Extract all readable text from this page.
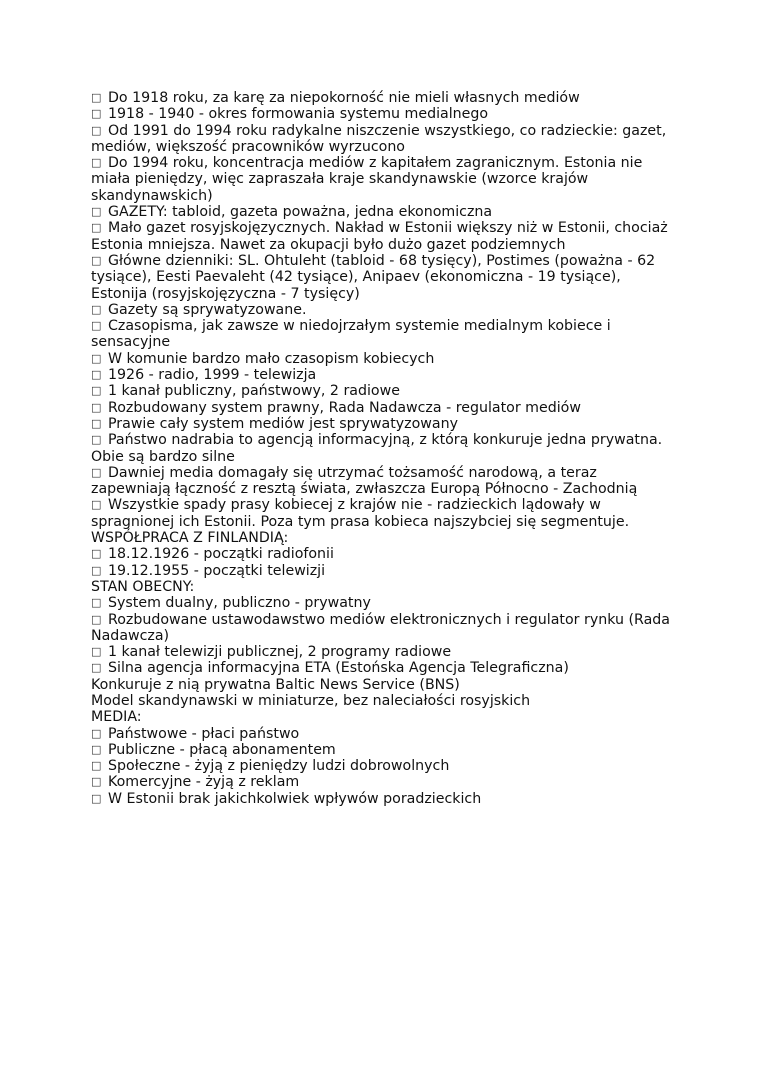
□ Do 1918 roku, za karę za niepokorność nie mieli własnych mediów

□ 1918 - 1940 - okres formowania systemu medialnego

□ Od 1991 do 1994 roku radykalne niszczenie wszystkiego, co radzieckie: gazet, mediów, większość pracowników wyrzucono

□ Do 1994 roku, koncentracja mediów z kapitałem zagranicznym. Estonia nie miała pieniędzy, więc zapraszała kraje skandynawskie (wzorce krajów skandynawskich)

□ GAZETY: tabloid, gazeta poważna, jedna ekonomiczna

□ Mało gazet rosyjskojęzycznych. Nakład w Estonii większy niż w Estonii, chociaż Estonia mniejsza. Nawet za okupacji było dużo gazet podziemnych

□ Główne dzienniki: SL. Ohtuleht (tabloid - 68 tysięcy), Postimes (poważna - 62 tysiące), Eesti Paevaleht (42 tysiące), Anipaev (ekonomiczna - 19 tysiące), Estonija (rosyjskojęzyczna - 7 tysięcy)

□ Gazety są sprywatyzowane.

□ Czasopisma, jak zawsze w niedojrzałym systemie medialnym kobiece i sensacyjne

□ W komunie bardzo mało czasopism kobiecych

□ 1926 - radio, 1999 - telewizja

□ 1 kanał publiczny, państwowy, 2 radiowe

□ Rozbudowany system prawny, Rada Nadawcza - regulator mediów

□ Prawie cały system mediów jest sprywatyzowany

□ Państwo nadrabia to agencją informacyjną, z którą konkuruje jedna prywatna. Obie są bardzo silne

□ Dawniej media domagały się utrzymać tożsamość narodową, a teraz zapewniają łączność z resztą świata, zwłaszcza Europą Północno - Zachodnią

□ Wszystkie spady prasy kobiecej z krajów nie - radzieckich lądowały w spragnionej ich Estonii. Poza tym prasa kobieca najszybciej się segmentuje.

WSPÓŁPRACA Z FINLANDIĄ:

□ 18.12.1926 - początki radiofonii

□ 19.12.1955 - początki telewizji

STAN OBECNY:

□ System dualny, publiczno - prywatny

□ Rozbudowane ustawodawstwo mediów elektronicznych i regulator rynku (Rada Nadawcza)

□ 1 kanał telewizji publicznej, 2 programy radiowe

□ Silna agencja informacyjna ETA (Estońska Agencja Telegraficzna)

Konkuruje z nią prywatna Baltic News Service (BNS)

Model skandynawski w miniaturze, bez naleciałości rosyjskich

MEDIA:

□ Państwowe - płaci państwo

□ Publiczne - płacą abonamentem

□ Społeczne - żyją z pieniędzy ludzi dobrowolnych

□ Komercyjne - żyją z reklam

□ W Estonii brak jakichkolwiek wpływów poradzieckich
